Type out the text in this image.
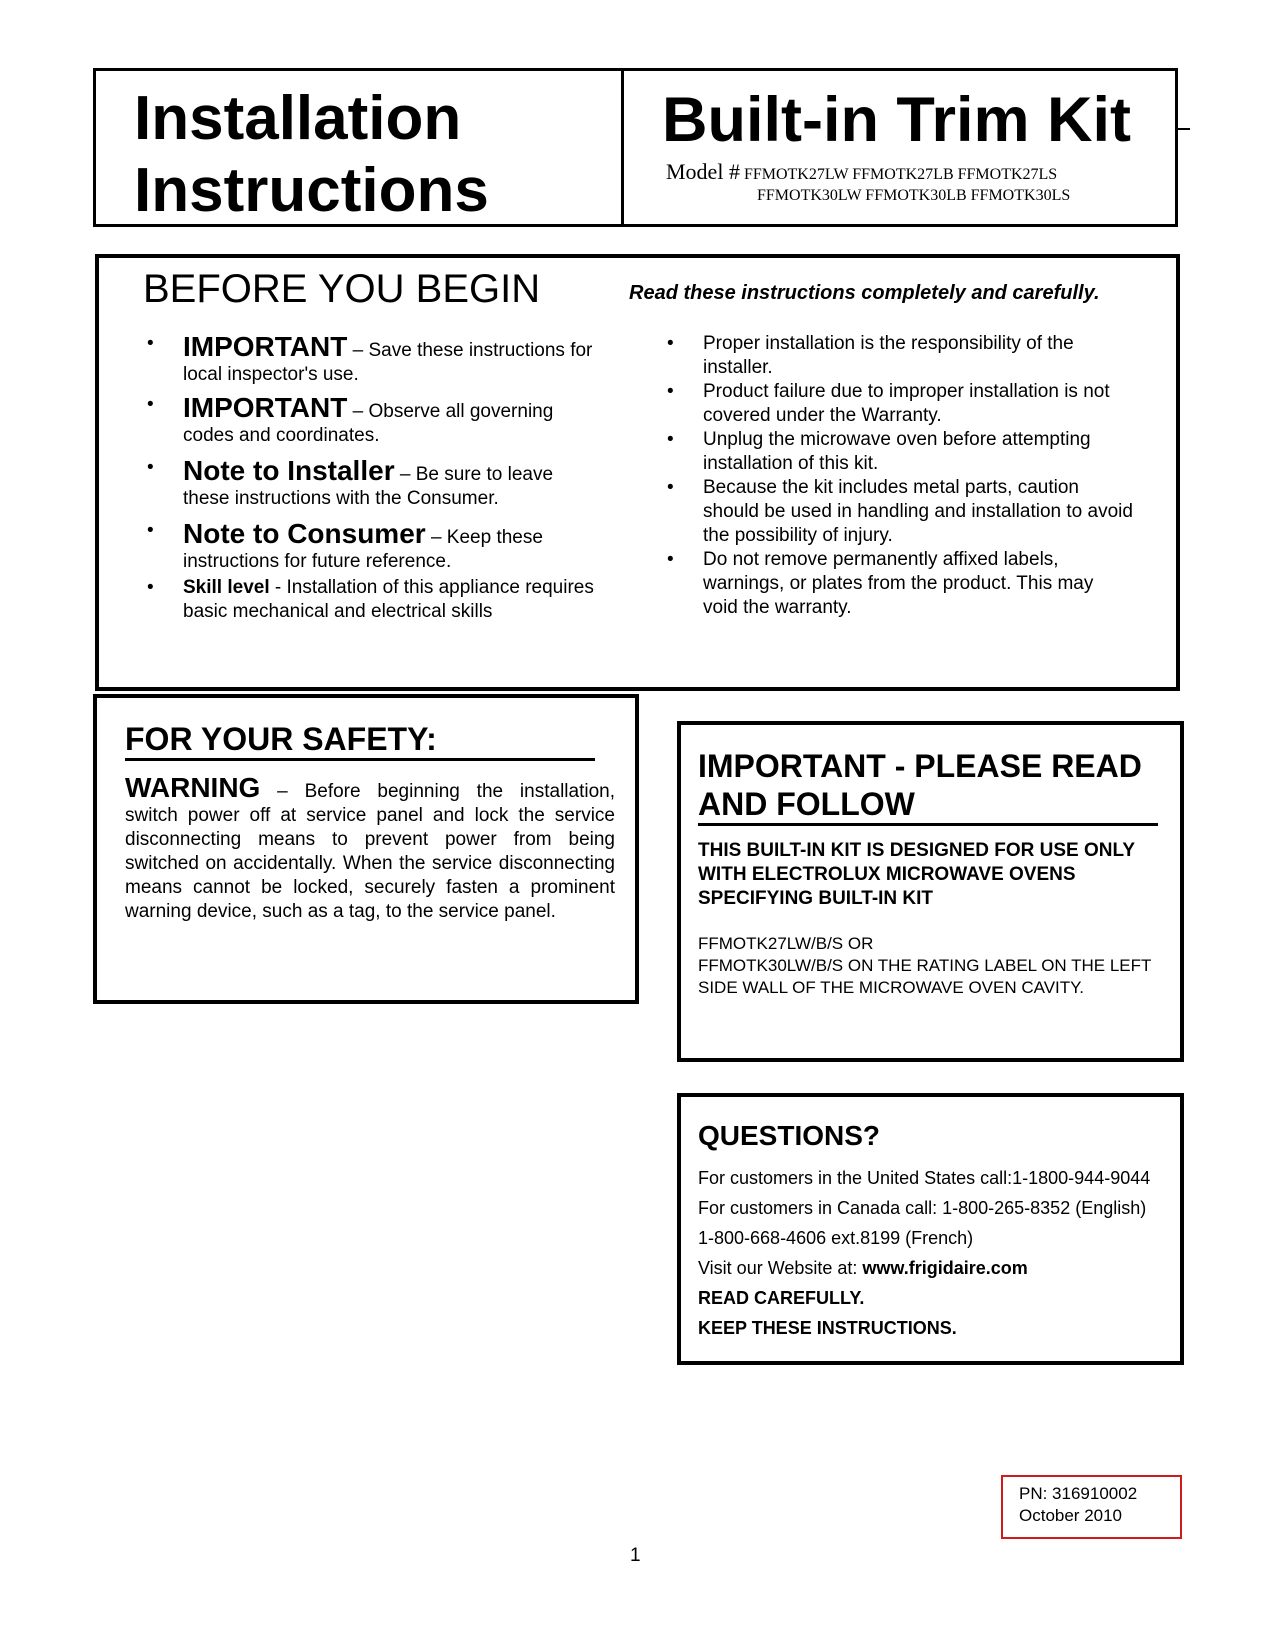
Installation
Instructions
Built-in Trim Kit
Model # FFMOTK27LW FFMOTK27LB FFMOTK27LS
FFMOTK30LW FFMOTK30LB FFMOTK30LS
BEFORE YOU BEGIN	Read these instructions completely and carefully.
• IMPORTANT – Save these instructions for local inspector's use.
• IMPORTANT – Observe all governing codes and coordinates.
• Note to Installer – Be sure to leave these instructions with the Consumer.
• Note to Consumer – Keep these instructions for future reference.
• Skill level - Installation of this appliance requires basic mechanical and electrical skills
• Proper installation is the responsibility of the installer.
• Product failure due to improper installation is not covered under the Warranty.
• Unplug the microwave oven before attempting installation of this kit.
• Because the kit includes metal parts, caution should be used in handling and installation to avoid the possibility of injury.
• Do not remove permanently affixed labels, warnings, or plates from the product. This may void the warranty.
FOR YOUR SAFETY:
WARNING – Before beginning the installation, switch power off at service panel and lock the service disconnecting means to prevent power from being switched on accidentally. When the service disconnecting means cannot be locked, securely fasten a prominent warning device, such as a tag, to the service panel.
IMPORTANT - PLEASE READ AND FOLLOW
THIS BUILT-IN KIT IS DESIGNED FOR USE ONLY WITH ELECTROLUX MICROWAVE OVENS SPECIFYING BUILT-IN KIT
FFMOTK27LW/B/S OR
FFMOTK30LW/B/S ON THE RATING LABEL ON THE LEFT SIDE WALL OF THE MICROWAVE OVEN CAVITY.
QUESTIONS?
For customers in the United States call:1-1800-944-9044
For customers in Canada call: 1-800-265-8352 (English)
1-800-668-4606 ext.8199 (French)
Visit our Website at: www.frigidaire.com
READ CAREFULLY.
KEEP THESE INSTRUCTIONS.
PN: 316910002
October 2010
1
